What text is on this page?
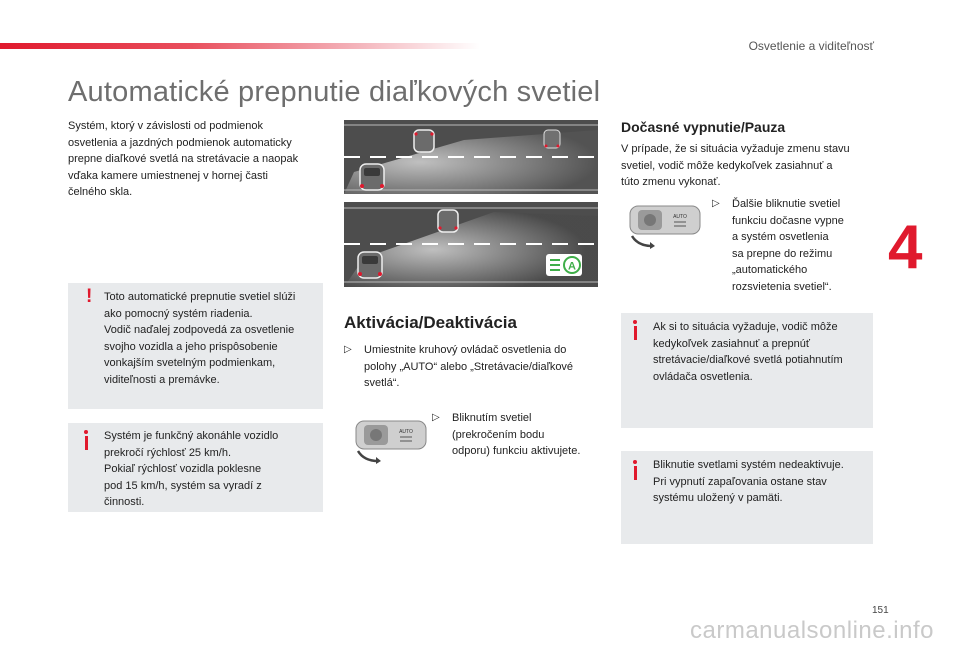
Osvetlenie a viditeľnosť
Automatické prepnutie diaľkových svetiel
4
Systém, ktorý v závislosti od podmienok
osvetlenia a jazdných podmienok automaticky
prepne diaľkové svetlá na stretávacie a naopak
vďaka kamere umiestnenej v hornej časti
čelného skla.
! Toto automatické prepnutie svetiel slúži
ako pomocný systém riadenia.
Vodič naďalej zodpovedá za osvetlenie
svojho vozidla a jeho prispôsobenie
vonkajším svetelným podmienkam,
viditeľnosti a premávke.
Systém je funkčný akonáhle vozidlo
prekročí rýchlosť 25 km/h.
Pokiaľ rýchlosť vozidla poklesne
pod 15 km/h, systém sa vyradí z
činnosti.
A
Aktivácia/Deaktivácia
▷	Umiestnite kruhový ovládač osvetlenia do
polohy „AUTO“ alebo „Stretávacie/diaľkové
svetlá“.
AUTO
▷	Bliknutím svetiel
(prekročením bodu
odporu) funkciu aktivujete.
Dočasné vypnutie/Pauza
V prípade, že si situácia vyžaduje zmenu stavu
svetiel, vodič môže kedykoľvek zasiahnuť a
túto zmenu vykonať.
AUTO
▷	Ďalšie bliknutie svetiel
funkciu dočasne vypne
a systém osvetlenia
sa prepne do režimu
„automatického
rozsvietenia svetiel“.
Ak si to situácia vyžaduje, vodič môže
kedykoľvek zasiahnuť a prepnúť
stretávacie/diaľkové svetlá potiahnutím
ovládača osvetlenia.
Bliknutie svetlami systém nedeaktivuje.
Pri vypnutí zapaľovania ostane stav
systému uložený v pamäti.
151
carmanualsonline.info
